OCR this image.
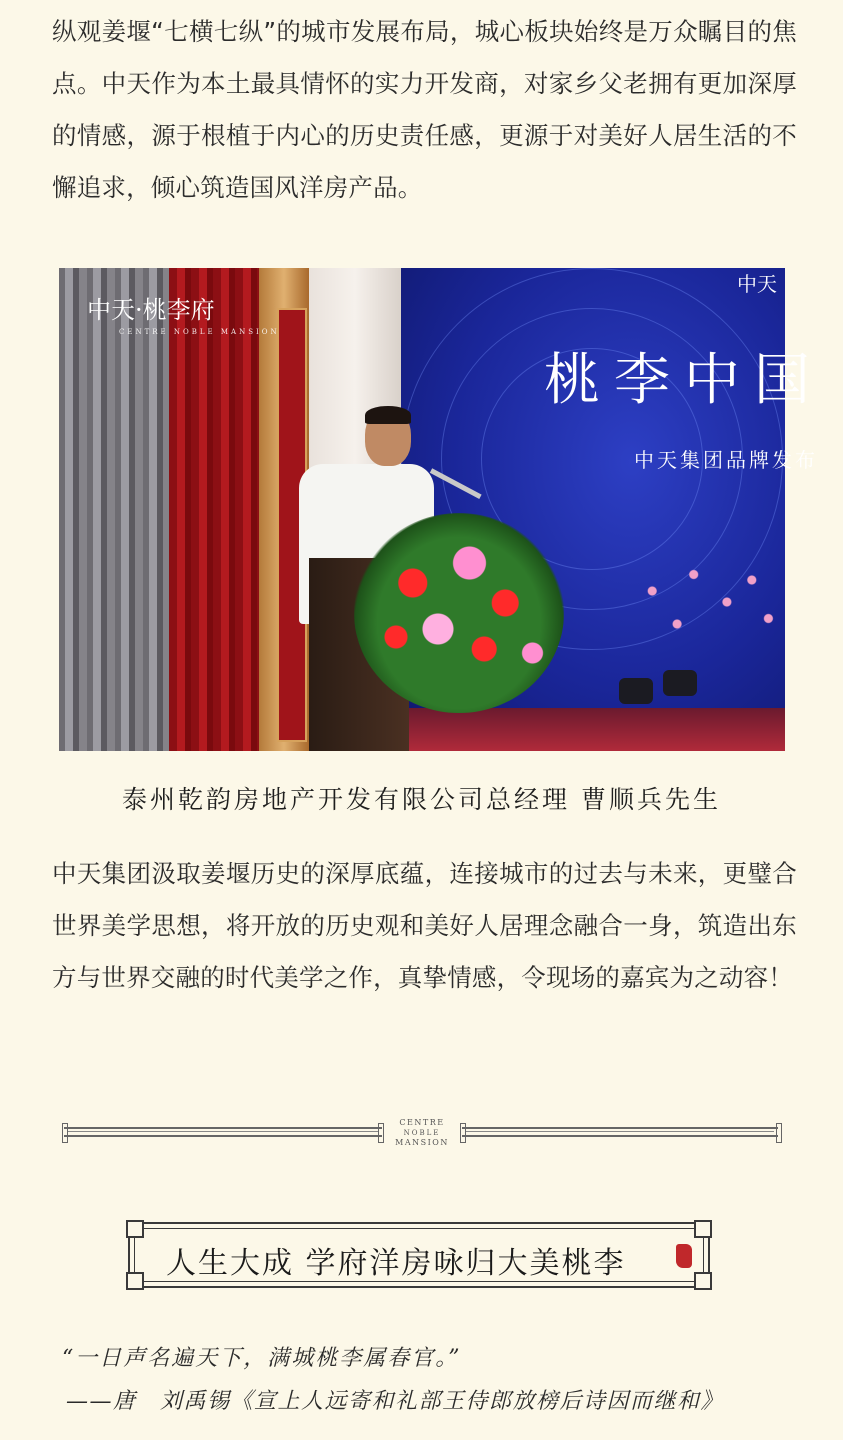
纵观姜堰“七横七纵”的城市发展布局，城心板块始终是万众瞩目的焦点。中天作为本土最具情怀的实力开发商，对家乡父老拥有更加深厚的情感，源于根植于内心的历史责任感，更源于对美好人居生活的不懈追求，倾心筑造国风洋房产品。

中天
桃李中国
中天集团品牌发布
中天·桃李府
CENTRE NOBLE MANSION
泰州乾韵房地产开发有限公司总经理 曹顺兵先生

中天集团汲取姜堰历史的深厚底蕴，连接城市的过去与未来，更璧合世界美学思想，将开放的历史观和美好人居理念融合一身，筑造出东方与世界交融的时代美学之作，真挚情感，令现场的嘉宾为之动容！

CENTRE
NOBLE
MANSION
人生大成 学府洋房咏归大美桃李
“一日声名遍天下，满城桃李属春官。”
——唐　刘禹锡《宣上人远寄和礼部王侍郎放榜后诗因而继和》
